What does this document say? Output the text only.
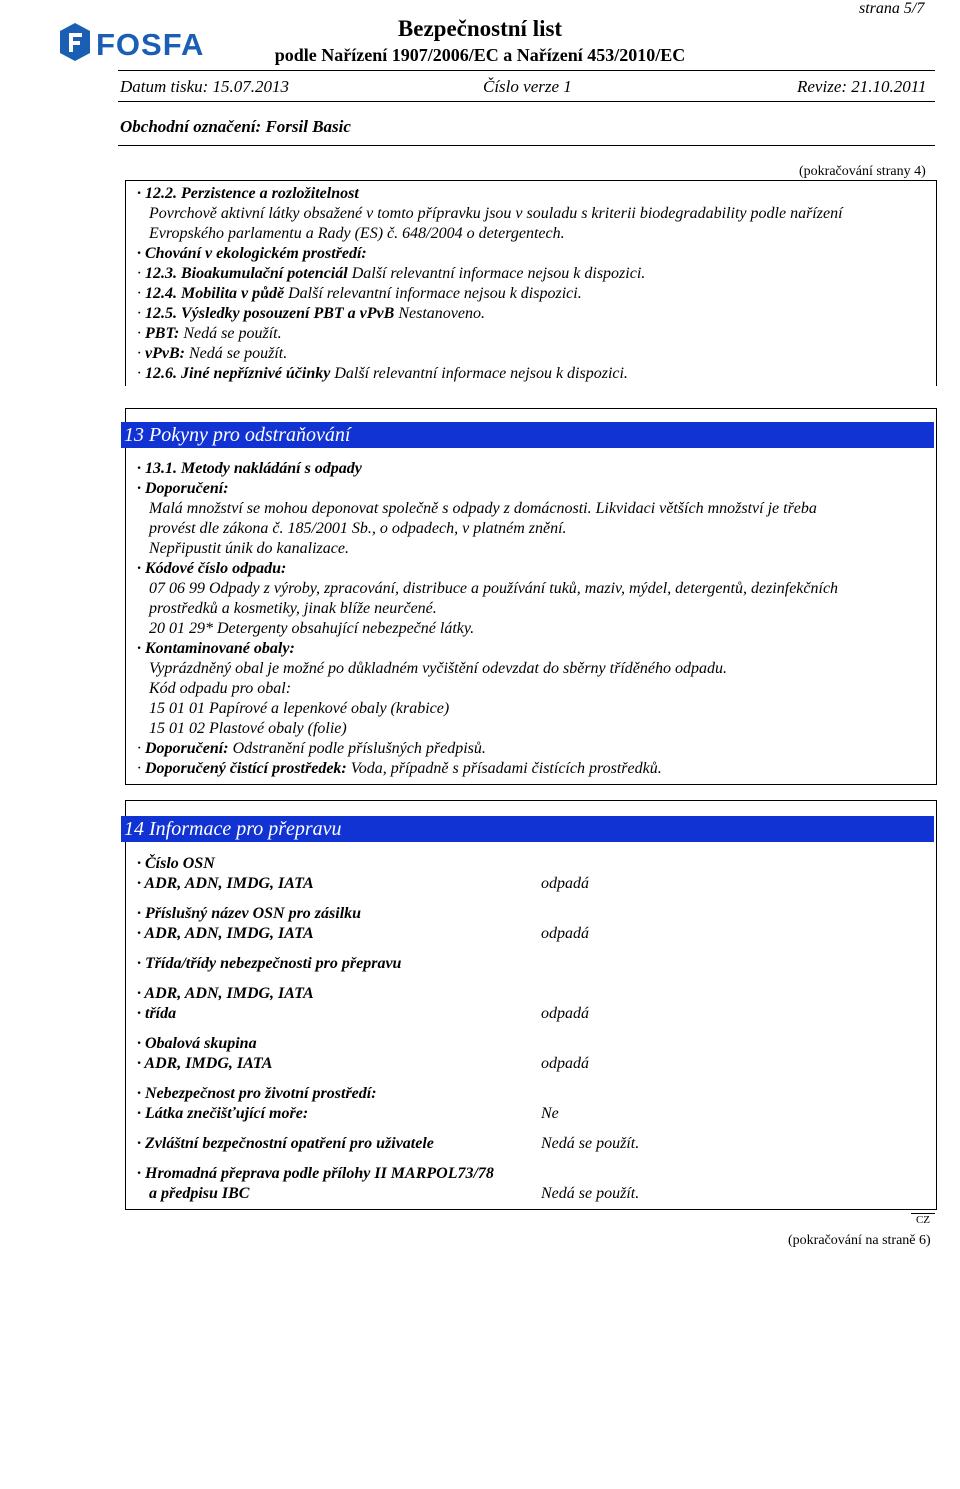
strana 5/7
FOSFA	Bezpečnostní list
podle Nařízení 1907/2006/EC a Nařízení 453/2010/EC
Datum tisku: 15.07.2013	Číslo verze 1	Revize: 21.10.2011
Obchodní označení: Forsil Basic
(pokračování strany 4)
· 12.2. Perzistence a rozložitelnost
Povrchově aktivní látky obsažené v tomto přípravku jsou v souladu s kriterii biodegradability podle nařízení
Evropského parlamentu a Rady (ES) č. 648/2004 o detergentech.
· Chování v ekologickém prostředí:
· 12.3. Bioakumulační potenciál Další relevantní informace nejsou k dispozici.
· 12.4. Mobilita v půdě Další relevantní informace nejsou k dispozici.
· 12.5. Výsledky posouzení PBT a vPvB Nestanoveno.
· PBT: Nedá se použít.
· vPvB: Nedá se použít.
· 12.6. Jiné nepříznivé účinky Další relevantní informace nejsou k dispozici.
13 Pokyny pro odstraňování
· 13.1. Metody nakládání s odpady
· Doporučení:
Malá množství se mohou deponovat společně s odpady z domácnosti. Likvidaci větších množství je třeba
provést dle zákona č. 185/2001 Sb., o odpadech, v platném znění.
Nepřipustit únik do kanalizace.
· Kódové číslo odpadu:
07 06 99 Odpady z výroby, zpracování, distribuce a používání tuků, maziv, mýdel, detergentů, dezinfekčních
prostředků a kosmetiky, jinak blíže neurčené.
20 01 29* Detergenty obsahující nebezpečné látky.
· Kontaminované obaly:
Vyprázdněný obal je možné po důkladném vyčištění odevzdat do sběrny tříděného odpadu.
Kód odpadu pro obal:
15 01 01 Papírové a lepenkové obaly (krabice)
15 01 02 Plastové obaly (folie)
· Doporučení: Odstranění podle příslušných předpisů.
· Doporučený čistící prostředek: Voda, případně s přísadami čistících prostředků.
14 Informace pro přepravu
· Číslo OSN
· ADR, ADN, IMDG, IATA	odpadá
· Příslušný název OSN pro zásilku
· ADR, ADN, IMDG, IATA	odpadá
· Třída/třídy nebezpečnosti pro přepravu
· ADR, ADN, IMDG, IATA
· třída	odpadá
· Obalová skupina
· ADR, IMDG, IATA	odpadá
· Nebezpečnost pro životní prostředí:
· Látka znečišťující moře:	Ne
· Zvláštní bezpečnostní opatření pro uživatele	Nedá se použít.
· Hromadná přeprava podle přílohy II MARPOL73/78
a předpisu IBC	Nedá se použít.
CZ
(pokračování na straně 6)
